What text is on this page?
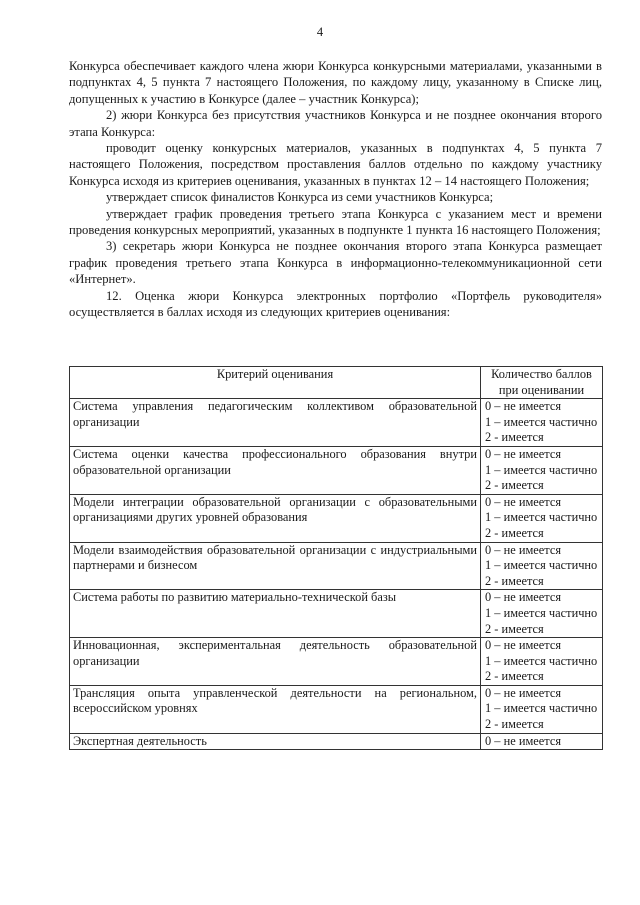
4

Конкурса обеспечивает каждого члена жюри Конкурса конкурсными материалами, указанными в подпунктах 4, 5 пункта 7 настоящего Положения, по каждому лицу, указанному в Списке лиц, допущенных к участию в Конкурсе (далее – участник Конкурса);

2) жюри Конкурса без присутствия участников Конкурса и не позднее окончания второго этапа Конкурса:

проводит оценку конкурсных материалов, указанных в подпунктах 4, 5 пункта 7 настоящего Положения, посредством проставления баллов отдельно по каждому участнику Конкурса исходя из критериев оценивания, указанных в пунктах 12 – 14 настоящего Положения;

утверждает список финалистов Конкурса из семи участников Конкурса;

утверждает график проведения третьего этапа Конкурса с указанием мест и времени проведения конкурсных мероприятий, указанных в подпункте 1 пункта 16 настоящего Положения;

3) секретарь жюри Конкурса не позднее окончания второго этапа Конкурса размещает график проведения третьего этапа Конкурса в информационно-телекоммуникационной сети «Интернет».

12. Оценка жюри Конкурса электронных портфолио «Портфель руководителя» осуществляется в баллах исходя из следующих критериев оценивания:

Критерий оценивания	Количество баллов при оценивании
Система управления педагогическим коллективом образовательной организации	0 – не имеется
1 – имеется частично
2 - имеется

Система оценки качества профессионального образования внутри образовательной организации	0 – не имеется
1 – имеется частично
2 - имеется

Модели интеграции образовательной организации с образовательными организациями других уровней образования	0 – не имеется
1 – имеется частично
2 - имеется

Модели взаимодействия образовательной организации с индустриальными партнерами и бизнесом	0 – не имеется
1 – имеется частично
2 - имеется

Система работы по развитию материально-технической базы	0 – не имеется
1 – имеется частично
2 - имеется

Инновационная, экспериментальная деятельность образовательной организации	0 – не имеется
1 – имеется частично
2 - имеется

Трансляция опыта управленческой деятельности на региональном, всероссийском уровнях	0 – не имеется
1 – имеется частично
2 - имеется

Экспертная деятельность	0 – не имеется
